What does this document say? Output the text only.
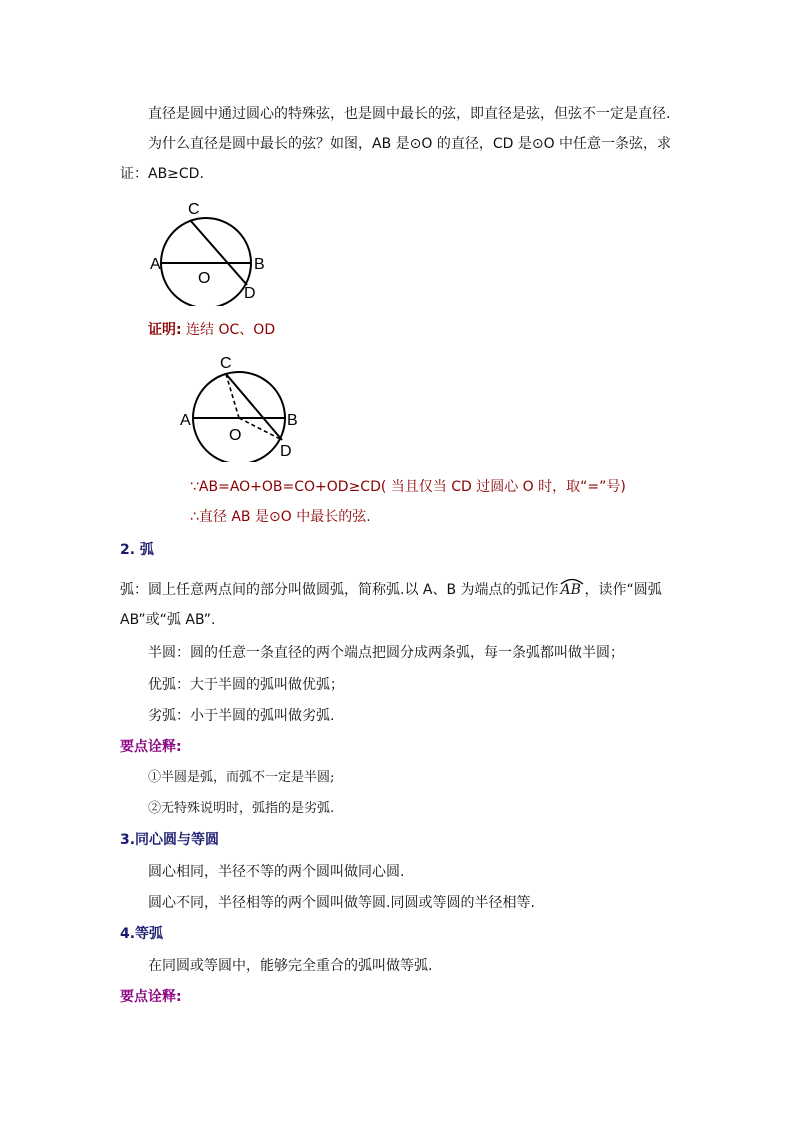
直径是圆中通过圆心的特殊弦，也是圆中最长的弦，即直径是弦，但弦不一定是直径.
为什么直径是圆中最长的弦？如图，AB 是⊙O 的直径，CD 是⊙O 中任意一条弦，求
证：AB≥CD.
A	B
C
D
O
证明: 连结 OC、OD
A	B
C
D
O
∵AB=AO+OB=CO+OD≥CD( 当且仅当 CD 过圆心 O 时，取“=”号)
∴直径 AB 是⊙O 中最长的弦.
2. 弧
弧：圆上任意两点间的部分叫做圆弧，简称弧.以 A、B 为端点的弧记作 AB ，读作“圆弧
AB”或“弧 AB”.
半圆：圆的任意一条直径的两个端点把圆分成两条弧，每一条弧都叫做半圆；
优弧：大于半圆的弧叫做优弧；
劣弧：小于半圆的弧叫做劣弧.
要点诠释:
①半圆是弧，而弧不一定是半圆;
②无特殊说明时，弧指的是劣弧.
3.同心圆与等圆
圆心相同，半径不等的两个圆叫做同心圆.
圆心不同，半径相等的两个圆叫做等圆.同圆或等圆的半径相等.
4.等弧
在同圆或等圆中，能够完全重合的弧叫做等弧.
要点诠释:
